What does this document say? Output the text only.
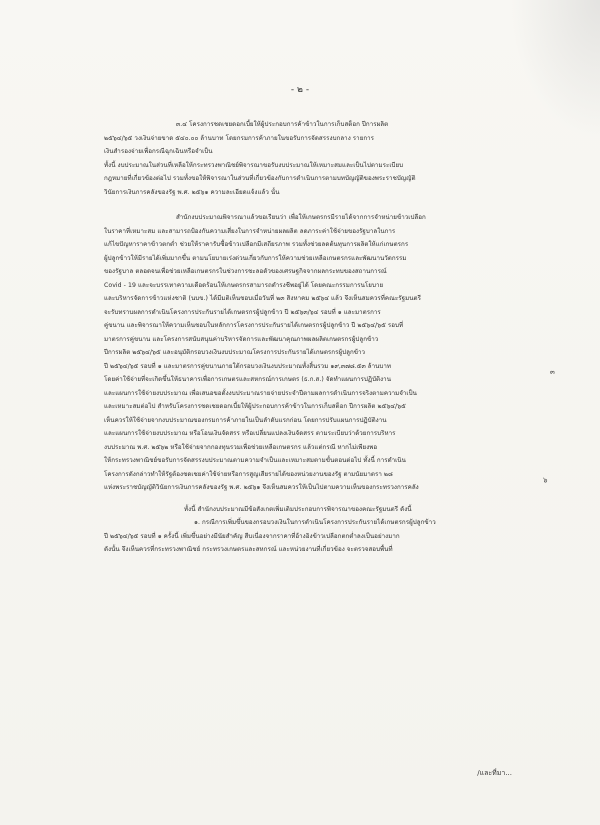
- ๒ -
๓.๔ โครงการชดเชยดอกเบี้ยให้ผู้ประกอบการค้าข้าวในการเก็บสต็อก ปีการผลิต
๒๕๖๔/๖๕ วงเงินจ่ายขาด ๕๔๐.๐๐ ล้านบาท โดยกรมการค้าภายในขอรับการจัดสรรงบกลาง รายการ
เงินสำรองจ่ายเพื่อกรณีฉุกเฉินหรือจำเป็น
ทั้งนี้ งบประมาณในส่วนที่เหลือให้กระทรวงพาณิชย์พิจารณาขอรับงบประมาณให้เหมาะสมและเป็นไปตามระเบียบ
กฎหมายที่เกี่ยวข้องต่อไป รวมทั้งขอให้พิจารณาในส่วนที่เกี่ยวข้องกับการดำเนินการตามบทบัญญัติของพระราชบัญญัติ
วินัยการเงินการคลังของรัฐ พ.ศ. ๒๕๖๑ ความละเอียดแจ้งแล้ว นั้น
สำนักงบประมาณพิจารณาแล้วขอเรียนว่า เพื่อให้เกษตรกรมีรายได้จากการจำหน่ายข้าวเปลือก
ในราคาที่เหมาะสม และสามารถป้องกันความเสี่ยงในการจำหน่ายผลผลิต ลดภาระค่าใช้จ่ายของรัฐบาลในการ
แก้ไขปัญหาราคาข้าวตกต่ำ ช่วยให้ราคารับซื้อข้าวเปลือกมีเสถียรภาพ รวมทั้งช่วยลดต้นทุนการผลิตให้แก่เกษตรกร
ผู้ปลูกข้าวให้มีรายได้เพิ่มมากขึ้น ตามนโยบายเร่งด่วนเกี่ยวกับการให้ความช่วยเหลือเกษตรกรและพัฒนานวัตกรรม
ของรัฐบาล ตลอดจนเพื่อช่วยเหลือเกษตรกรในช่วงการชะลอตัวของเศรษฐกิจจากผลกระทบของสถานการณ์
Covid - 19 และจะบรรเทาความเดือดร้อนให้เกษตรกรสามารถดำรงชีพอยู่ได้ โดยคณะกรรมการนโยบาย
และบริหารจัดการข้าวแห่งชาติ (นบข.) ได้มีมติเห็นชอบเมื่อวันที่ ๒๓ สิงหาคม ๒๕๖๔ แล้ว จึงเห็นสมควรที่คณะรัฐมนตรี
จะรับทราบผลการดำเนินโครงการประกันรายได้เกษตรกรผู้ปลูกข้าว ปี ๒๕๖๓/๖๔ รอบที่ ๑ และมาตรการ
คู่ขนาน และพิจารณาให้ความเห็นชอบในหลักการโครงการประกันรายได้เกษตรกรผู้ปลูกข้าว ปี ๒๕๖๔/๖๕ รอบที่
มาตรการคู่ขนาน และโครงการสนับสนุนค่าบริหารจัดการและพัฒนาคุณภาพผลผลิตเกษตรกรผู้ปลูกข้าว
ปีการผลิต ๒๕๖๔/๖๕ และอนุมัติกรอบวงเงินงบประมาณโครงการประกันรายได้เกษตรกรผู้ปลูกข้าว
ปี ๒๕๖๔/๖๕ รอบที่ ๑ และมาตรการคู่ขนานภายใต้กรอบวงเงินงบประมาณทั้งสิ้นรวม ๑๙,๓๗๘.๕๓ ล้านบาท
โดยค่าใช้จ่ายที่จะเกิดขึ้นให้ธนาคารเพื่อการเกษตรและสหกรณ์การเกษตร (ธ.ก.ส.) จัดทำแผนการปฏิบัติงาน
และแผนการใช้จ่ายงบประมาณ เพื่อเสนอขอตั้งงบประมาณรายจ่ายประจำปีตามผลการดำเนินการจริงตามความจำเป็น
และเหมาะสมต่อไป สำหรับโครงการชดเชยดอกเบี้ยให้ผู้ประกอบการค้าข้าวในการเก็บสต็อก ปีการผลิต ๒๕๖๔/๖๕
เห็นควรให้ใช้จ่ายจากงบประมาณของกรมการค้าภายในเป็นลำดับแรกก่อน โดยการปรับแผนการปฏิบัติงาน
และแผนการใช้จ่ายงบประมาณ หรือโอนเงินจัดสรร หรือเปลี่ยนแปลงเงินจัดสรร ตามระเบียบว่าด้วยการบริหาร
งบประมาณ พ.ศ. ๒๕๖๒ หรือใช้จ่ายจากกองทุนรวมเพื่อช่วยเหลือเกษตรกร แล้วแต่กรณี หากไม่เพียงพอ
ให้กระทรวงพาณิชย์ขอรับการจัดสรรงบประมาณตามความจำเป็นและเหมาะสมตามขั้นตอนต่อไป ทั้งนี้ การดำเนิน
โครงการดังกล่าวทำให้รัฐต้องชดเชยค่าใช้จ่ายหรือการสูญเสียรายได้ของหน่วยงานของรัฐ ตามนัยมาตรา ๒๘
แห่งพระราชบัญญัติวินัยการเงินการคลังของรัฐ พ.ศ. ๒๕๖๑ จึงเห็นสมควรให้เป็นไปตามความเห็นของกระทรวงการคลัง
ทั้งนี้ สำนักงบประมาณมีข้อสังเกตเพิ่มเติมประกอบการพิจารณาของคณะรัฐมนตรี ดังนี้
๑. กรณีการเพิ่มขึ้นของกรอบวงเงินในการดำเนินโครงการประกันรายได้เกษตรกรผู้ปลูกข้าว
ปี ๒๕๖๔/๖๕ รอบที่ ๑ ครั้งนี้ เพิ่มขึ้นอย่างมีนัยสำคัญ สืบเนื่องจากราคาที่อ้างอิงข้าวเปลือกตกต่ำลงเป็นอย่างมาก
ดังนั้น จึงเห็นควรที่กระทรวงพาณิชย์ กระทรวงเกษตรและสหกรณ์ และหน่วยงานที่เกี่ยวข้อง จะตรวจสอบพื้นที่
๓
๖
/และที่มา...
